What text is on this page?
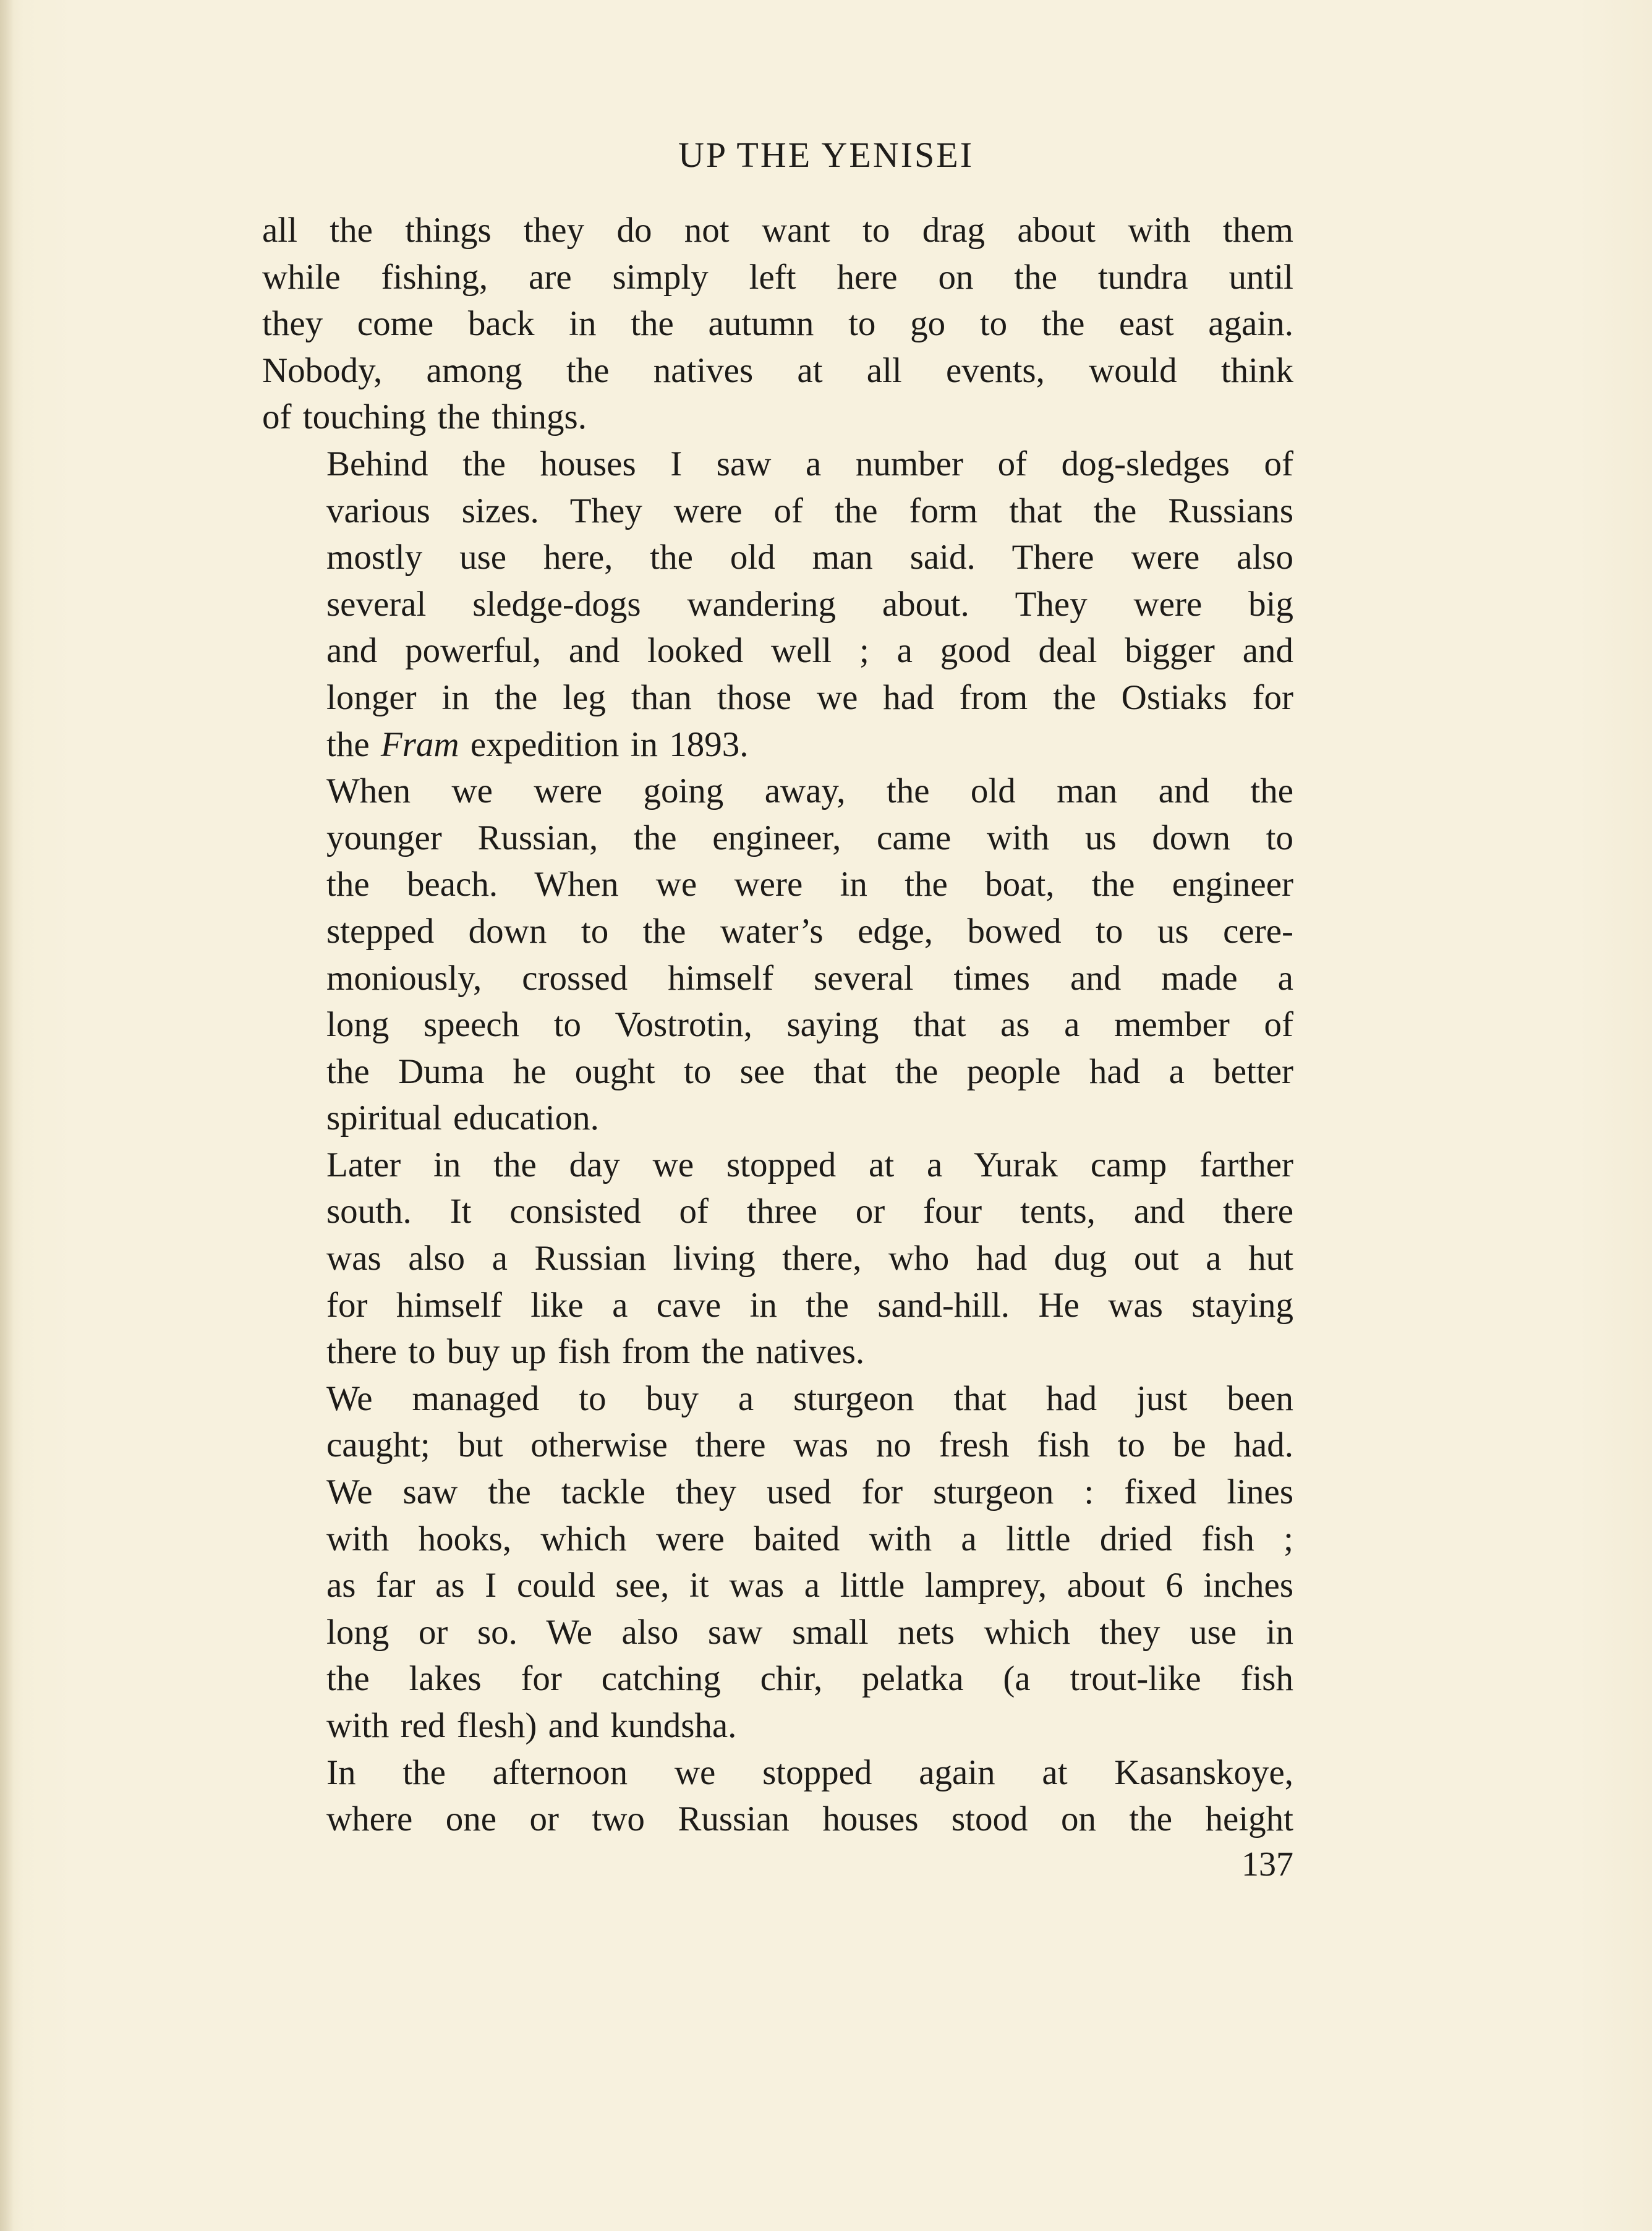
UP THE YENISEI

all the things they do not want to drag about with them
while fishing, are simply left here on the tundra until
they come back in the autumn to go to the east again.
Nobody, among the natives at all events, would think
of touching the things.

Behind the houses I saw a number of dog-sledges of
various sizes. They were of the form that the Russians
mostly use here, the old man said. There were also
several sledge-dogs wandering about. They were big
and powerful, and looked well ; a good deal bigger and
longer in the leg than those we had from the Ostiaks for
the Fram expedition in 1893.

When we were going away, the old man and the
younger Russian, the engineer, came with us down to
the beach. When we were in the boat, the engineer
stepped down to the water’s edge, bowed to us cere-
moniously, crossed himself several times and made a
long speech to Vostrotin, saying that as a member of
the Duma he ought to see that the people had a better
spiritual education.

Later in the day we stopped at a Yurak camp farther
south. It consisted of three or four tents, and there
was also a Russian living there, who had dug out a hut
for himself like a cave in the sand-hill. He was staying
there to buy up fish from the natives.

We managed to buy a sturgeon that had just been
caught; but otherwise there was no fresh fish to be had.
We saw the tackle they used for sturgeon : fixed lines
with hooks, which were baited with a little dried fish ;
as far as I could see, it was a little lamprey, about 6 inches
long or so. We also saw small nets which they use in
the lakes for catching chir, pelatka (a trout-like fish
with red flesh) and kundsha.

In the afternoon we stopped again at Kasanskoye,
where one or two Russian houses stood on the height

137
